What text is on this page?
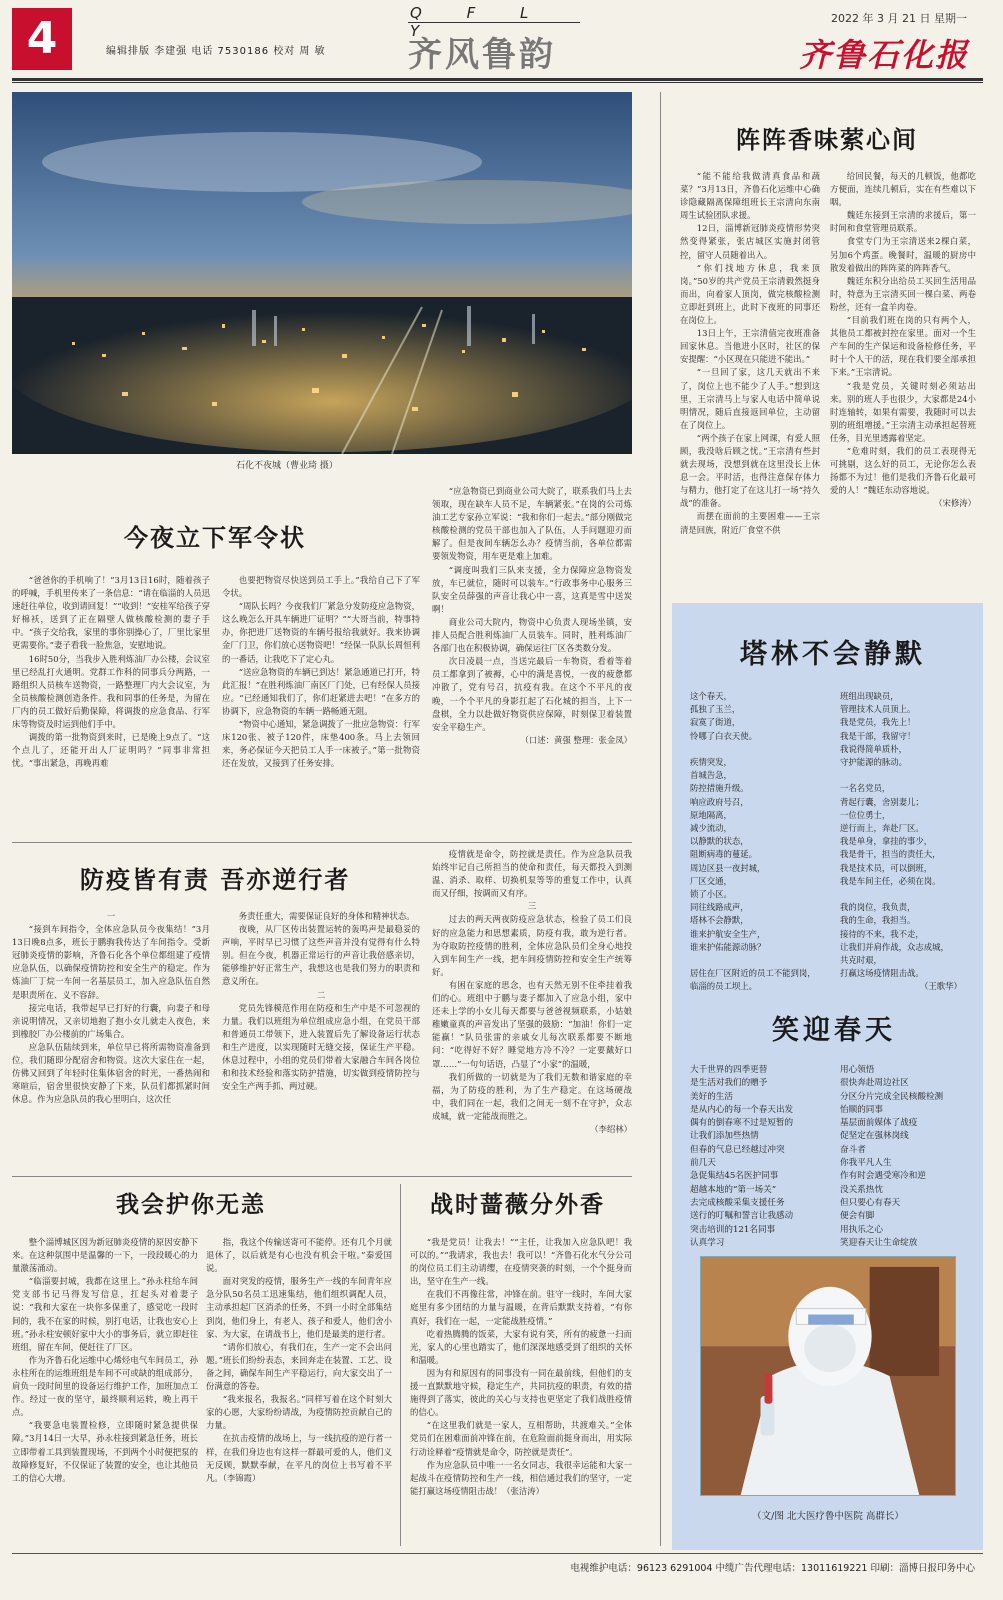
4	编辑排版 李建强 电话 7530186 校对 周 敏
Q F L Y
齐风鲁韵
2022 年 3 月 21 日 星期一
齐鲁石化报
石化不夜城（曹业琦 摄）
阵阵香味萦心间

“能不能给我做清真食品和蔬菜？”3月13日，齐鲁石化运维中心确诊隐藏隔离保障组班长王宗清向东南周生试验团队求援。

12日，淄博新冠肺炎疫情形势突然变得紧张，张店城区实施封闭管控，留守人员随着出入。

“你们找地方休息，我来顶岗。”50岁的共产党员王宗清毅然挺身而出，向着家人顶岗，做完核酸检测立即赶到班上，此时下夜班的同事还在岗位上。

13日上午，王宗清值完夜班准备回家休息。当他进小区时，社区的保安提醒：“小区现在只能进不能出。”

“一旦回了家，这几天就出不来了，岗位上也不能少了人手。”想到这里，王宗清马上与家人电话中简单说明情况，随后直接返回单位，主动留在了岗位上。

“两个孩子在家上网课，有爱人照顾，我没啥后顾之忧。”王宗清有些封就去现场，没想到就在这里没长上休息一会。平时活，也得注意保存体力与精力，他打定了在这儿打一场“持久战”的准备。

而摆在面前的主要困难——王宗清是回族，附近厂食堂不供

给回民餐，每天的几顿饭，他都吃方便面，连续几顿后，实在有些难以下咽。

魏廷东接到王宗清的求援后，第一时间和食堂管理员联系。

食堂专门为王宗清送来2棵白菜，另加6个鸡蛋。晚餐时，温暖的厨房中散发着做出的阵阵菜的阵阵香气。

魏廷东积分出给员工买回生活用品时，特意为王宗清买回一棵白菜、两卷粉丝，还有一盒羊肉卷。

“目前我们班在岗的只有两个人，其他员工都被封控在家里。面对一个生产车间的生产保运和设备检修任务，平时十个人干的活，现在我们要全部承担下来。”王宗清说。

“我是党员，关键时刻必须站出来。别的班人手也很少，大家都是24小时连轴转，如果有需要，我随时可以去别的班组增援。”王宗清主动承担起替班任务，目光里透露着坚定。

“危难时刻，我们的员工表现得无可挑剔，这么好的员工，无论你怎么表扬都不为过！他们是我们齐鲁石化最可爱的人！”魏廷东动容地说。

（宋修涛）

今夜立下军令状

“爸爸你的手机响了！”3月13日16时，随着孩子的呼喊，手机里传来了一条信息：“请在临淄的人员迅速赶往单位，收到请回复！”“收到！”安桂军给孩子穿好棉袄，送到了正在隔壁人做核酸检测的妻子手中。“孩子交给我，家里的事你别操心了，厂里比家里更需要你。”妻子看我一脸焦急，安慰地说。

16时50分，当我步入胜利炼油厂办公楼，会议室里已经乱打火通明。党群工作科的同事兵分两路，一路组织人员核车送物资，一路整理厂内大会议室，为全员核酸检测创造条件。我和同事的任务是，为留在厂内的员工做好后勤保障，将调拨的应急食品、行军床等物资及时运到他们手中。

调拨的第一批物资到来时，已是晚上9点了。“这个点儿了，还能开出人厂证明吗？”同事非常担忧。“事出紧急，再晚再难

也要把物资尽快送到员工手上。”我给自己下了军令状。

“周队长吗？今夜我们厂紧急分发防疫应急物资，这么晚怎么开具车辆进厂证明？”“大哥当前，特事特办，你把进厂送物资的车辆号报给我就好。我来协调金厂门卫，你们放心送物资吧！”经保一队队长周恒利的一番话，让我吃下了定心丸。

“送应急物资的车辆已到达！紧急通道已打开，特此汇报！”在胜利炼油厂南区厂门处，已有经保人员接应。“已经通知我们了，你们赶紧进去吧！”在多方的协调下，应急物资的车辆一路畅通无阻。

“物资中心通知，紧急调拨了一批应急物资：行军床120张、被子120件，床垫400条。马上去领回来，务必保证今天把员工人手一床被子。”第一批物资还在发放，又接到了任务安排。

“应急物资已到商业公司大院了，联系我们马上去领取，现在缺车人员不足，车辆紧张。”在岗的公司炼油工艺专家孙立军说：“我和你们一起去。”部分刚做完核酸检测的党员干部也加入了队伍，人手问题迎刃而解了。但是夜间车辆怎么办？疫情当前，各单位都需要领发物资，用车更是难上加难。

“调度叫我们三队来支援，全力保障应急物资发放，车已就位，随时可以装车。”行政事务中心服务三队安全员薛强的声音让我心中一喜，这真是雪中送炭啊！

商业公司大院内，物资中心负责人现场坐镇，安排人员配合胜利炼油厂人员装车。同时，胜利炼油厂各部门也在积极协调，确保运往厂区各类数分发。

次日凌晨一点，当送完最后一车物资，看着等着员工都拿到了被褥，心中的满是喜悦，一夜的疲惫都冲散了，党有号召，抗疫有我。在这个不平凡的夜晚，一个个平凡的身影扛起了石化城的担当，上下一盘棋，全力以赴做好物资供应保障，时刻保卫着装置安全平稳生产。

（口述：黄强 整理：张金凤）

防疫皆有责 吾亦逆行者

一

“接到车间指令，全体应急队员今夜集结！”3月13日晚8点多，班长于鹏驹我传达了车间指令。受新冠肺炎疫情的影响，齐鲁石化各个单位都组建了疫情应急队伍，以确保疫情防控和安全生产的稳定。作为炼油厂丁烷一车间一名基层员工，加入应急队伍自然是职责所在、义不容辞。

接完电话，我带起早已打好的行囊，向妻子和母亲说明情况，又亲切地抱了抱小女儿就走入夜色，来到橡胶厂办公楼前的广场集合。

应急队伍陆续到来，单位早已将所需物资准备到位，我们随即分配宿舍和物资。这次大家住在一起，仿佛又回到了年轻时住集体宿舍的时光，一番热闹和寒暄后，宿舍里很快安静了下来，队员们都抓紧时间休息。作为应急队员的我心里明白，这次任

务责任重大，需要保证良好的身体和精神状态。

夜晚，从厂区传出装置运转的轰鸣声是最稳妥的声响，平时早已习惯了这些声音并没有觉得有什么特别。但在今夜，机器正常运行的声音让我倍感亲切，能够维护好正常生产，我想这也是我们努力的职责和意义所在。

二

党员先锋模范作用在防疫和生产中是不可忽视的力量。我们以班组为单位组成应急小组，在党员干部和普通员工带领下，进入装置后先了解设备运行状态和生产进度，以实现随时无缝交接，保证生产平稳。休息过程中，小组的党员们带着大家融合车间各岗位和和技术经验和落实防护措施，切实做到疫情防控与安全生产两手抓、两过硬。

疫情就是命令，防控就是责任。作为应急队员我始终牢记自己所担当的使命和责任，每天都投入到测温、消杀、取样、切换机泵等等的重复工作中，认真而又仔细，按调而又有序。

三

过去的两天两夜防疫应急状态，检验了员工们良好的应急能力和思想素质，防疫有我，敢为逆行者。为夺取防控疫情的胜利，全体应急队员们全身心地投入到车间生产一线，把车间疫情防控和安全生产统筹好。

有困在家庭的思念，也有天然无别不住牵挂着我们的心。班组中于鹏与妻子都加入了应急小组，家中还未上学的小女儿每天都要与爸爸视频联系，小姑娘稚嫩童真的声音发出了坚强的鼓励：“加油！你们一定能赢！”队员张雷的亲戚女儿每次联系都要不断地问：“吃得好不好？睡觉地方冷不冷？一定要戴好口罩……”一句句话语，凸显了“小家”的温暖，

我们所做的一切就是为了我们无数和谐家庭的幸福，为了防疫的胜利，为了生产稳定。在这场硬战中，我们同在一起，我们之间无一刻不在守护，众志成城，就一定能战而胜之。

（李绍林）

我会护你无恙

整个淄博城区因为新冠肺炎疫情的原因安静下来。在这种氛围中是温馨的一下，一段段暖心的力量激荡涌动。

“临淄要封城，我都在这里上。”孙永柱给车间党支部书记马得发写信息，扛起头对着妻子说：“我和大家在一块你多保重了，感觉吃一段时间的，我不在家的时候，别打电话，让我也安心上班。”孙永柱安顿好家中大小的事务后，就立即赶往班组，留在车间，便赶往了厂区。

作为齐鲁石化运维中心烯烃电气车间员工，孙永柱所在的运维班组是车间不可或缺的组成部分，肩负一段时间里的设备运行维护工作，加班加点工作。经过一夜的坚守，最终顺利运转，晚上再干点。

“我要急电装置检修，立即随时紧急提供保障。”3月14日一大早，孙永柱接到紧急任务，班长立即带着工具到装置现场，不到两个小时便把泵的故障修复好，不仅保证了装置的安全，也让其他员工的信心大增。

指，我这个传输送寄可不能停。还有几个月就退休了，以后就是有心也没有机会干啦。”秦爱国说。

面对突发的疫情，服务生产一线的车间青年应急分队50名员工迅速集结，他们组织调配人员，主动承担起厂区消杀的任务，不到一小时全部集结到岗，他们身上，有老人、孩子和爱人，他们舍小家、为大家，在请战书上，他们是最美的逆行者。

“请你们放心，有我们在，生产一定不会出问题。”班长们纷纷表态，来回奔走在装置、工艺、设备之间，确保车间生产平稳运行，向大家交出了一份满意的答卷。

“我来报名，我报名。”同样写着在这个时刻大家的心愿，大家纷纷请战，为疫情防控贡献自己的力量。

在抗击疫情的战场上，与一线抗疫的逆行者一样，在我们身边也有这样一群最可爱的人，他们义无反顾，默默奉献，在平凡的岗位上书写着不平凡。（李锦霞）

战时蔷薇分外香

“我是党员！让我去！”“主任，让我加入应急队吧！我可以的。”“我请求，我也去！我可以！”齐鲁石化水气分公司的岗位员工们主动请缨，在疫情突袭的时刻，一个个挺身而出，坚守在生产一线。

在我们不再像往常，冲锋在前。驻守一线时，车间大家庭里有多少团结的力量与温暖，在背后默默支持着，“有你真好，我们在一起，一定能战胜疫情。”

吃着热腾腾的饭菜，大家有说有笑，所有的疲惫一扫而光，家人的心里也踏实了，他们深深地感受到了组织的关怀和温暖。

因为有和原因有的同事没有一同在最前线，但他们的支援一直默默地守候，稳定生产，共同抗疫的职责，有效的措施得到了落实，彼此的关心与支持也更坚定了我们战胜疫情的信心。

“在这里我们就是一家人，互相帮助，共渡难关。”全体党员们在困难面前冲锋在前，在危险面前挺身而出，用实际行动诠释着“疫情就是命令，防控就是责任”。

作为应急队员中唯一一名女同志，我很幸运能和大家一起战斗在疫情防控和生产一线，相信通过我们的坚守，一定能打赢这场疫情阻击战！（张洁涛）

塔林不会静默
这个春天，
孤独了玉兰，
寂寞了街道，
怜哪了白衣天使。

疾情突发，
首城告急，
防控措施升级。
响应政府号召，
原地隔离，
减少流动，
以静默的状态，
阻断病毒的蔓延。
周边区县一夜封城，
厂区交通，
锁了小区。
同往线路成声，
塔林不会静默，
谁来护航安全生产，
谁来护佑能源动脉？

居住在厂区附近的员工不能到岗，
临淄的员工坝上。
班组出现缺员，
管理技术人员顶上。
我是党员，我先上！
我是干部，我留守！
我说得简单质朴，
守护能源的脉动。

一名名党员，
背起行囊，舍别妻儿；
一位位勇士，
逆行而上，奔赴厂区。
我是单身，拿挂的事少，
我是骨干，担当的责任大，
我是技术员，可以倒班，
我是车间主任，必须在岗。

我的岗位，我负责，
我的生命，我担当。
接待的不来，我不走，
让我们并肩作战，众志成城，
共克时艰，
打赢这场疫情阻击战。
（王歌华）
笑迎春天
大千世界的四季更替
是生活对我们的赠予
美好的生活
是从内心的每一个春天出发
偶有的倒春寒不过是短暂的
让我们添加些热情
但春的气息已经越过冲突
前几天
急促集结45名医护同事
超越本地的“第一场关”
去完成核酸采集支援任务
送行的叮嘱和誓言让我感动
突击培训的121名同事
认真学习
用心领悟
很快奔赴周边社区
分区分片完成全民核酸检测
怡顺的同事
基层面前媒体了战疫
促坚定在强林岗线
奋斗者
你我平凡人生
作有时会遇受寒冷和逆
没关系热忱
但只要心有春天
便会有脚
用执乐之心
笑迎春天让生命绽放
（文/图 北大医疗鲁中医院 高群长）
电视维护电话：96123 6291004 中缆广告代理电话：13011619221 印刷：淄博日报印务中心
